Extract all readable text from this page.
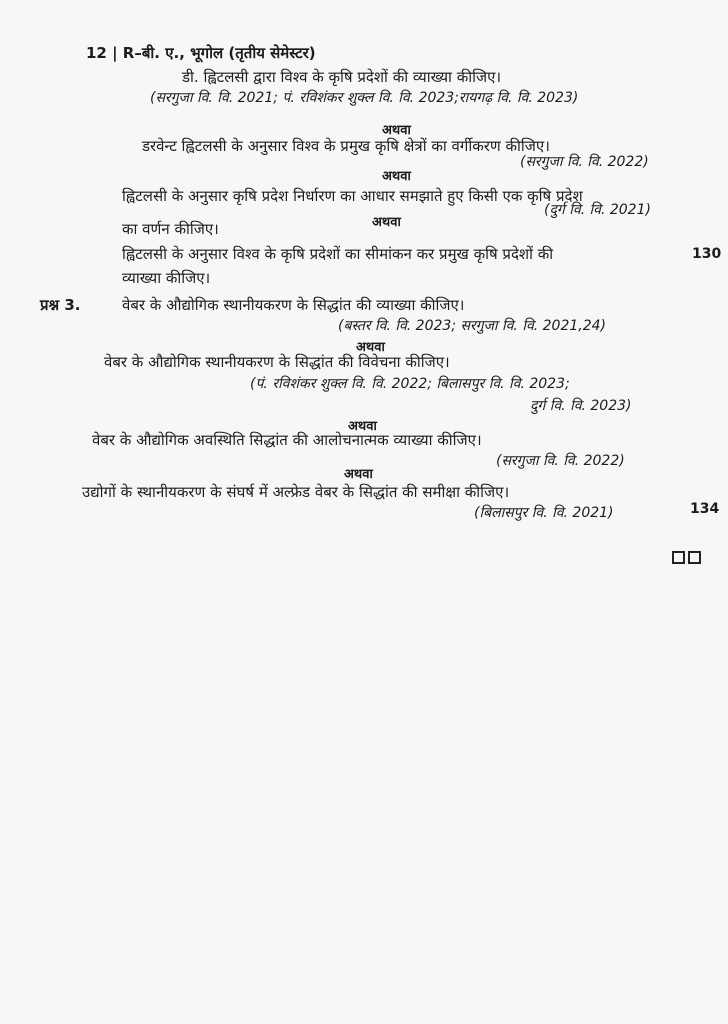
12 | R–बी. ए., भूगोल (तृतीय सेमेस्टर)
डी. ह्विटलसी द्वारा विश्व के कृषि प्रदेशों की व्याख्या कीजिए।
(सरगुजा वि. वि. 2021; पं. रविशंकर शुक्ल वि. वि. 2023;रायगढ़ वि. वि. 2023)
अथवा
डरवेन्ट ह्विटलसी के अनुसार विश्व के प्रमुख कृषि क्षेत्रों का वर्गीकरण कीजिए।
अथवा
(सरगुजा वि. वि. 2022)
ह्विटलसी के अनुसार कृषि प्रदेश निर्धारण का आधार समझाते हुए किसी एक कृषि प्रदेश
(दुर्ग वि. वि. 2021)
का वर्णन कीजिए।	अथवा
ह्विटलसी के अनुसार विश्व के कृषि प्रदेशों का सीमांकन कर प्रमुख कृषि प्रदेशों की	130
व्याख्या कीजिए।
प्रश्न 3.	वेबर के औद्योगिक स्थानीयकरण के सिद्धांत की व्याख्या कीजिए।
(बस्तर वि. वि. 2023; सरगुजा वि. वि. 2021,24)
अथवा
वेबर के औद्योगिक स्थानीयकरण के सिद्धांत की विवेचना कीजिए।
(पं. रविशंकर शुक्ल वि. वि. 2022; बिलासपुर वि. वि. 2023;
दुर्ग वि. वि. 2023)
अथवा
वेबर के औद्योगिक अवस्थिति सिद्धांत की आलोचनात्मक व्याख्या कीजिए।
अथवा
(सरगुजा वि. वि. 2022)
उद्योगों के स्थानीयकरण के संघर्ष में अल्फ्रेड वेबर के सिद्धांत की समीक्षा कीजिए।
134
(बिलासपुर वि. वि. 2021)
